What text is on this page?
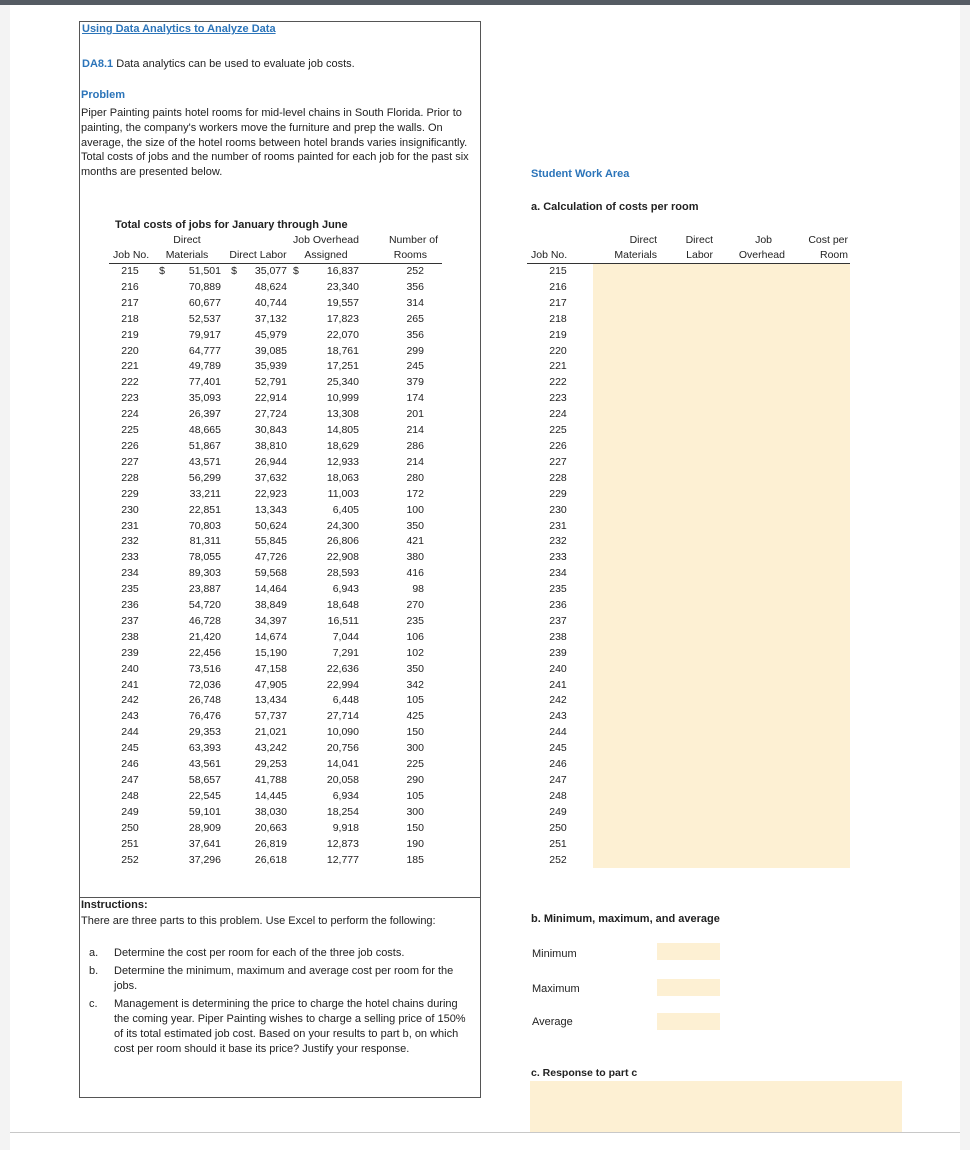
Using Data Analytics to Analyze Data
DA8.1 Data analytics can be used to evaluate job costs.
Problem
Piper Painting paints hotel rooms for mid-level chains in South Florida. Prior to painting, the company's workers move the furniture and prep the walls. On average, the size of the hotel rooms between hotel brands varies insignificantly. Total costs of jobs and the number of rooms painted for each job for the past six months are presented below.
Total costs of jobs for January through June
	Direct				Job Overhead		Number of
Job No.	Materials		Direct Labor		Assigned		Rooms
215	$	51,501	$	35,077	$	16,837	252
216		70,889		48,624		23,340	356
217		60,677		40,744		19,557	314
218		52,537		37,132		17,823	265
219		79,917		45,979		22,070	356
220		64,777		39,085		18,761	299
221		49,789		35,939		17,251	245
222		77,401		52,791		25,340	379
223		35,093		22,914		10,999	174
224		26,397		27,724		13,308	201
225		48,665		30,843		14,805	214
226		51,867		38,810		18,629	286
227		43,571		26,944		12,933	214
228		56,299		37,632		18,063	280
229		33,211		22,923		11,003	172
230		22,851		13,343		6,405	100
231		70,803		50,624		24,300	350
232		81,311		55,845		26,806	421
233		78,055		47,726		22,908	380
234		89,303		59,568		28,593	416
235		23,887		14,464		6,943	98
236		54,720		38,849		18,648	270
237		46,728		34,397		16,511	235
238		21,420		14,674		7,044	106
239		22,456		15,190		7,291	102
240		73,516		47,158		22,636	350
241		72,036		47,905		22,994	342
242		26,748		13,434		6,448	105
243		76,476		57,737		27,714	425
244		29,353		21,021		10,090	150
245		63,393		43,242		20,756	300
246		43,561		29,253		14,041	225
247		58,657		41,788		20,058	290
248		22,545		14,445		6,934	105
249		59,101		38,030		18,254	300
250		28,909		20,663		9,918	150
251		37,641		26,819		12,873	190
252		37,296		26,618		12,777	185
Instructions:
There are three parts to this problem. Use Excel to perform the following:
a. Determine the cost per room for each of the three job costs.
b. Determine the minimum, maximum and average cost per room for the jobs.
c. Management is determining the price to charge the hotel chains during the coming year. Piper Painting wishes to charge a selling price of 150% of its total estimated job cost. Based on your results to part b, on which cost per room should it base its price? Justify your response.
Student Work Area
a. Calculation of costs per room
	Direct	Direct	Job	Cost per
Job No.	Materials	Labor	Overhead	Room
215				
216				
217				
218				
219				
220				
221				
222				
223				
224				
225				
226				
227				
228				
229				
230				
231				
232				
233				
234				
235				
236				
237				
238				
239				
240				
241				
242				
243				
244				
245				
246				
247				
248				
249				
250				
251				
252				
b. Minimum, maximum, and average
Minimum
Maximum
Average
c. Response to part c
